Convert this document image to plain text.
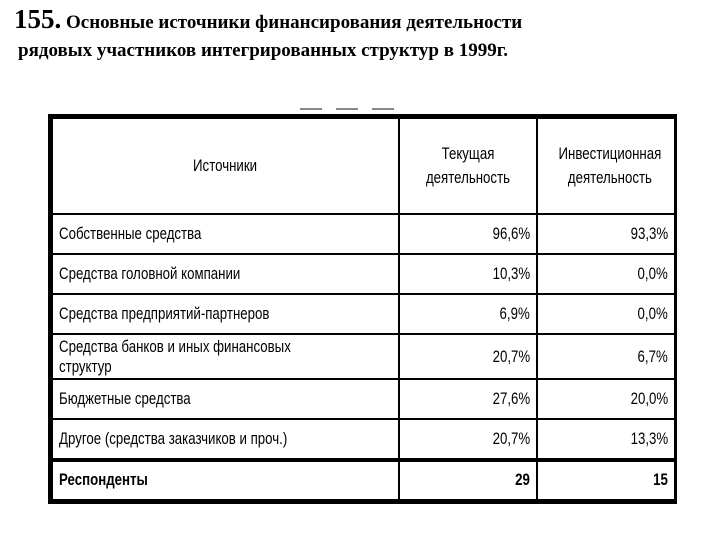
155. Основные источники финансирования деятельности
рядовых участников интегрированных структур в 1999г.
Источники	Текущая деятельность	Инвестиционная деятельность
Собственные средства	96,6%	93,3%
Средства головной компании	10,3%	0,0%
Средства предприятий-партнеров	6,9%	0,0%
Средства банков и иных финансовых структур	20,7%	6,7%
Бюджетные средства	27,6%	20,0%
Другое (средства заказчиков и проч.)	20,7%	13,3%
Респонденты	29	15
